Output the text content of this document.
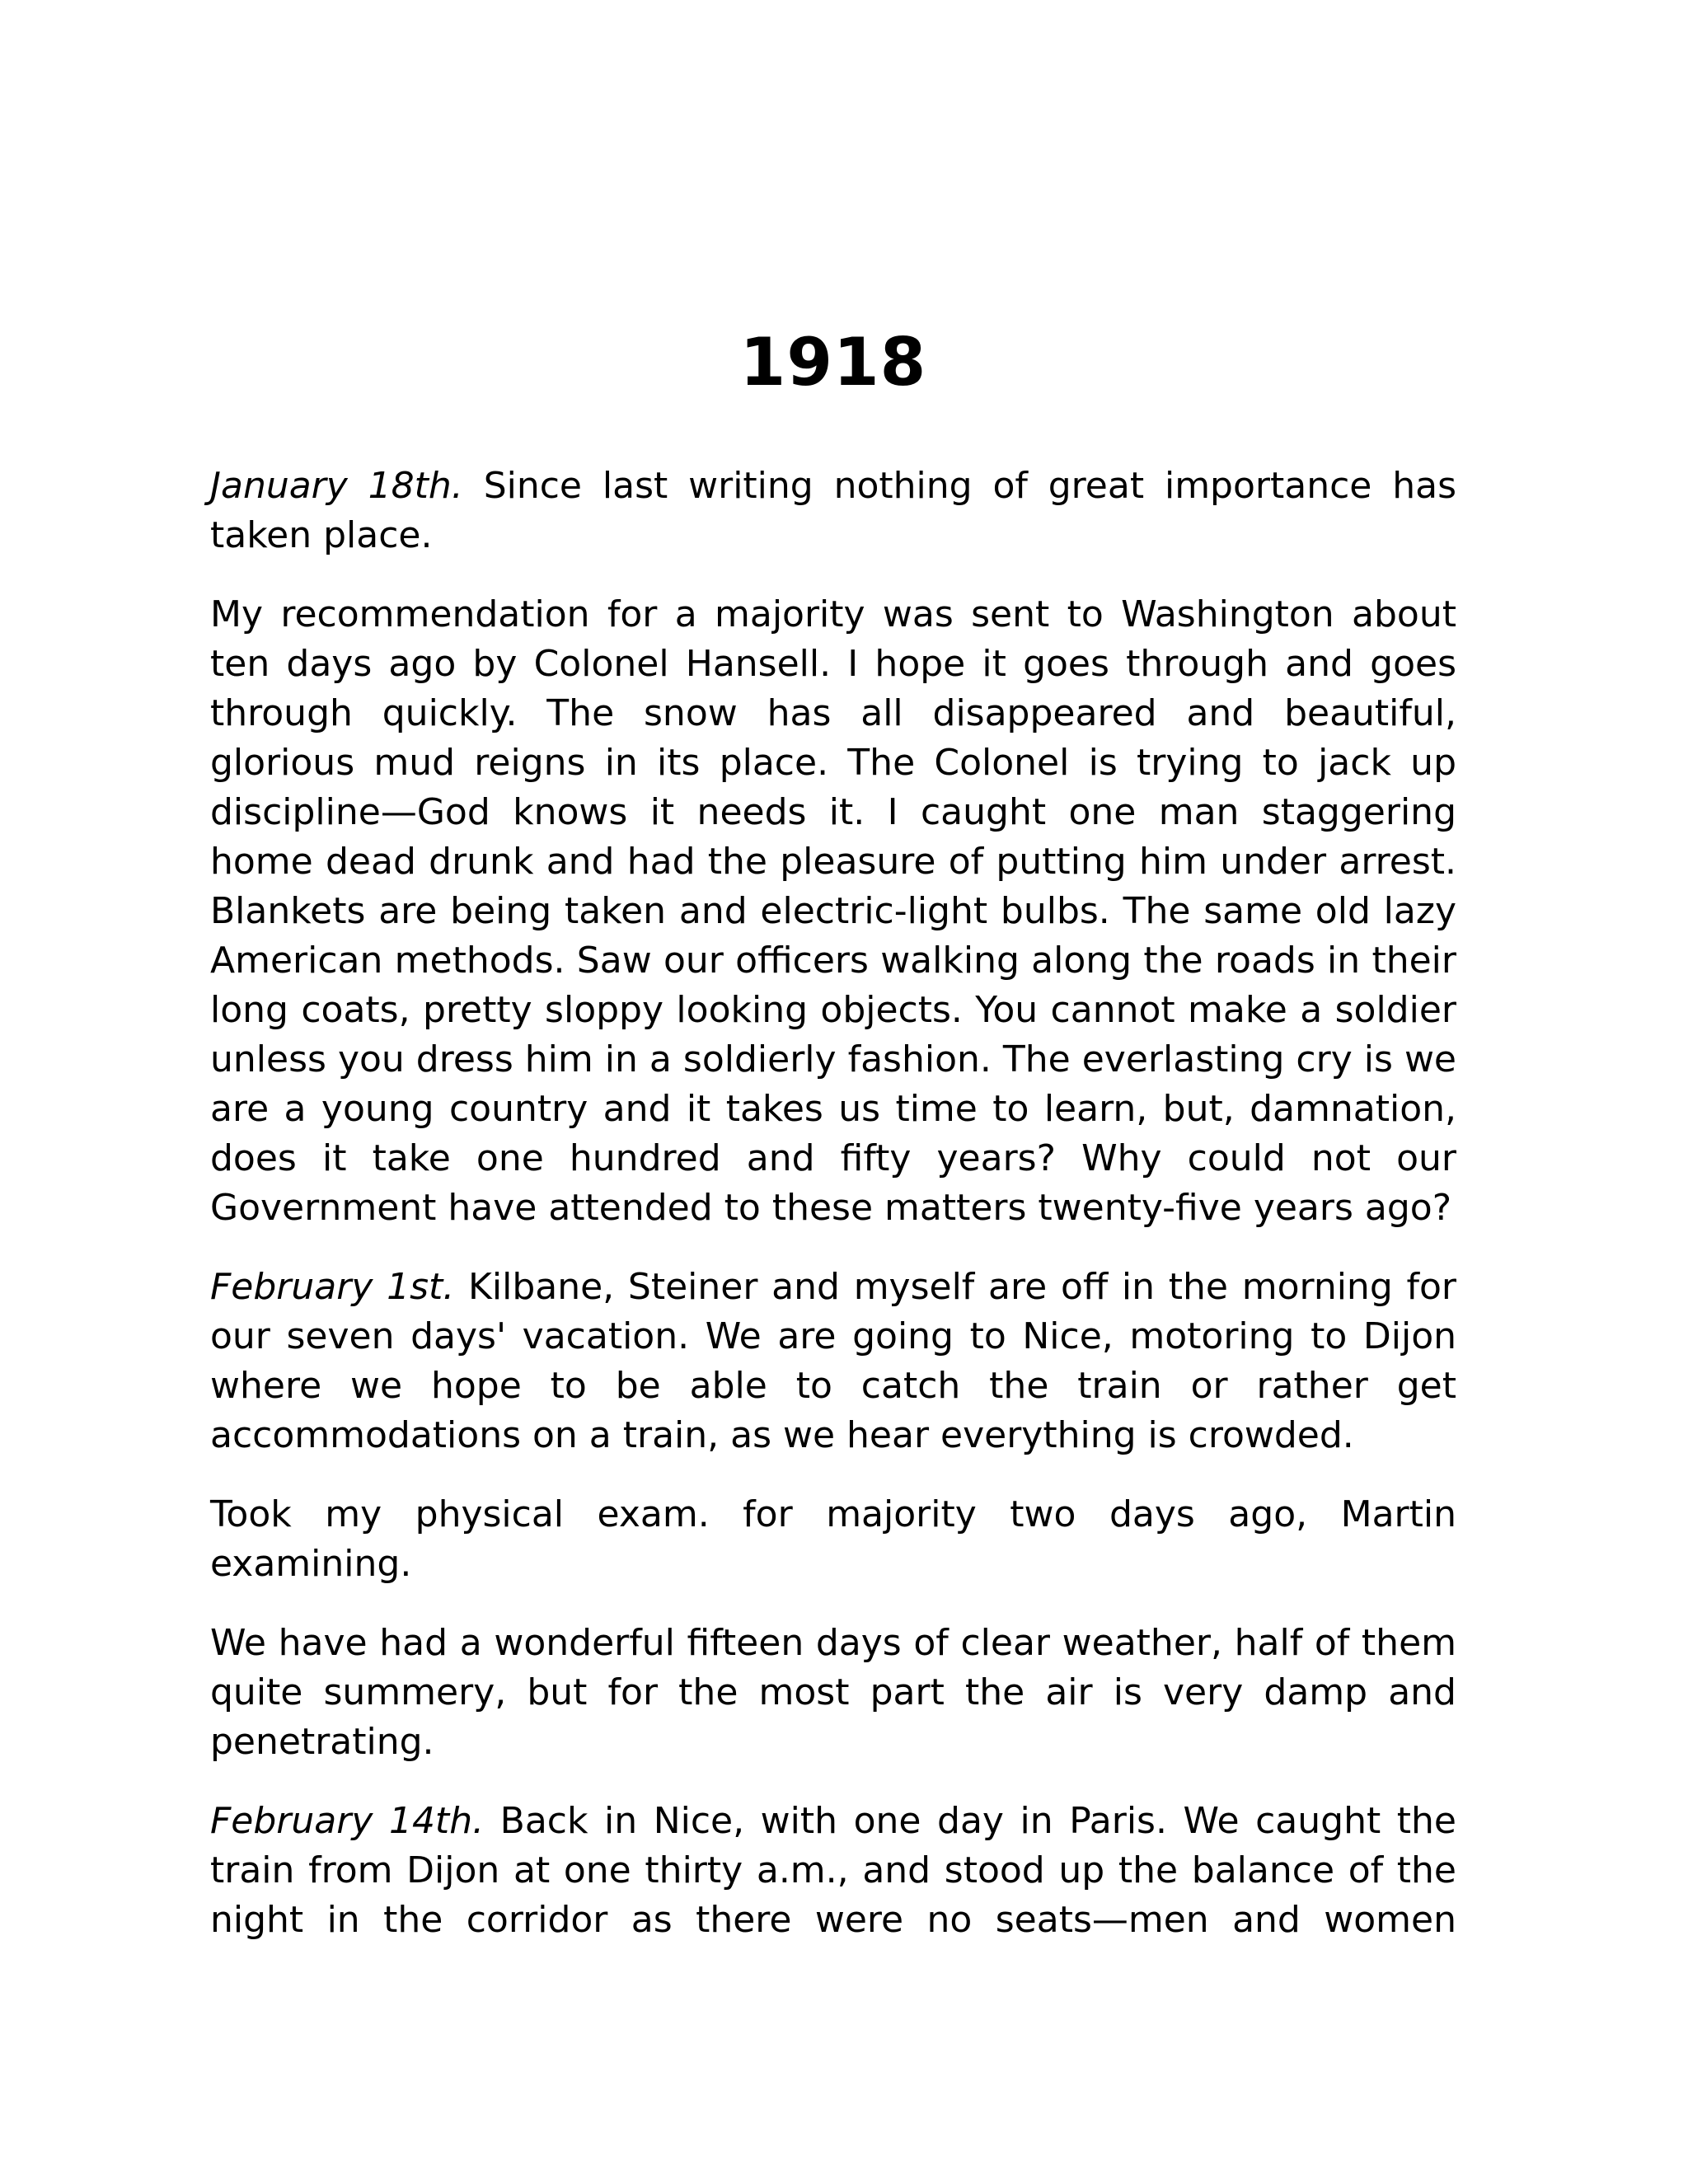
1918

January 18th. Since last writing nothing of great importance has taken place.

My recommendation for a majority was sent to Washington about ten days ago by Colonel Hansell. I hope it goes through and goes through quickly. The snow has all disappeared and beautiful, glorious mud reigns in its place. The Colonel is trying to jack up discipline—God knows it needs it. I caught one man staggering home dead drunk and had the pleasure of putting him under arrest. Blankets are being taken and electric-light bulbs. The same old lazy American methods. Saw our officers walking along the roads in their long coats, pretty sloppy looking objects. You cannot make a soldier unless you dress him in a soldierly fashion. The everlasting cry is we are a young country and it takes us time to learn, but, damnation, does it take one hundred and fifty years? Why could not our Government have attended to these matters twenty-five years ago?

February 1st. Kilbane, Steiner and myself are off in the morning for our seven days' vacation. We are going to Nice, motoring to Dijon where we hope to be able to catch the train or rather get accommodations on a train, as we hear everything is crowded.

Took my physical exam. for majority two days ago, Martin examining.

We have had a wonderful fifteen days of clear weather, half of them quite summery, but for the most part the air is very damp and penetrating.

February 14th. Back in Nice, with one day in Paris. We caught the train from Dijon at one thirty a.m., and stood up the balance of the night in the corridor as there were no seats—men and women
